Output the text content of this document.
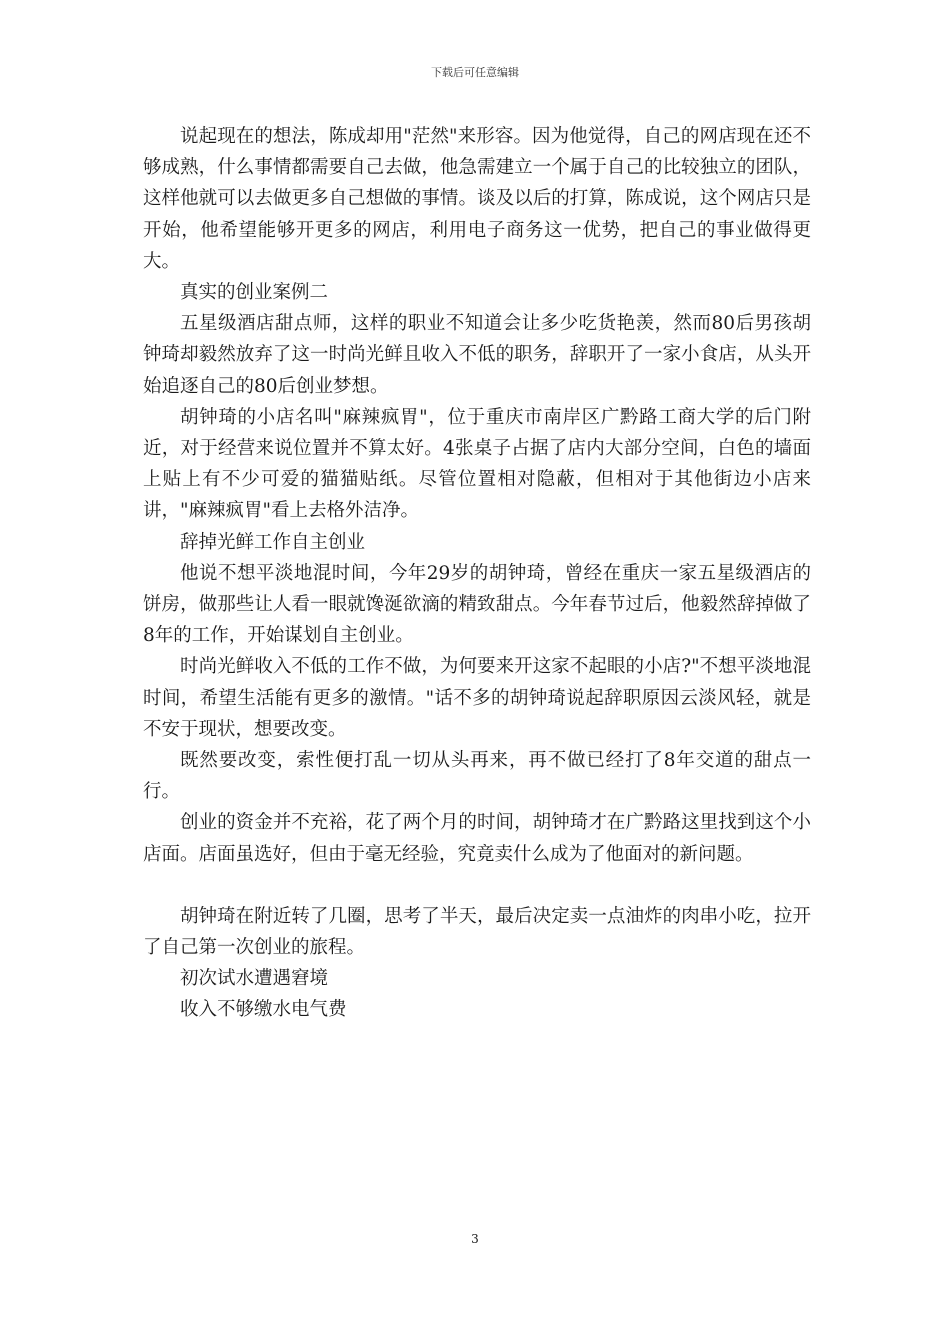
下载后可任意编辑

说起现在的想法，陈成却用"茫然"来形容。因为他觉得，自己的网店现在还不够成熟，什么事情都需要自己去做，他急需建立一个属于自己的比较独立的团队，这样他就可以去做更多自己想做的事情。谈及以后的打算，陈成说，这个网店只是开始，他希望能够开更多的网店，利用电子商务这一优势，把自己的事业做得更大。

真实的创业案例二

五星级酒店甜点师，这样的职业不知道会让多少吃货艳羡，然而80后男孩胡钟琦却毅然放弃了这一时尚光鲜且收入不低的职务，辞职开了一家小食店，从头开始追逐自己的80后创业梦想。

胡钟琦的小店名叫"麻辣疯胃"，位于重庆市南岸区广黔路工商大学的后门附近，对于经营来说位置并不算太好。4张桌子占据了店内大部分空间，白色的墙面上贴上有不少可爱的猫猫贴纸。尽管位置相对隐蔽，但相对于其他街边小店来讲，"麻辣疯胃"看上去格外洁净。

辞掉光鲜工作自主创业

他说不想平淡地混时间，今年29岁的胡钟琦，曾经在重庆一家五星级酒店的饼房，做那些让人看一眼就馋涎欲滴的精致甜点。今年春节过后，他毅然辞掉做了8年的工作，开始谋划自主创业。

时尚光鲜收入不低的工作不做，为何要来开这家不起眼的小店?"不想平淡地混时间，希望生活能有更多的激情。"话不多的胡钟琦说起辞职原因云淡风轻，就是不安于现状，想要改变。

既然要改变，索性便打乱一切从头再来，再不做已经打了8年交道的甜点一行。

创业的资金并不充裕，花了两个月的时间，胡钟琦才在广黔路这里找到这个小店面。店面虽选好，但由于毫无经验，究竟卖什么成为了他面对的新问题。

胡钟琦在附近转了几圈，思考了半天，最后决定卖一点油炸的肉串小吃，拉开了自己第一次创业的旅程。

初次试水遭遇窘境

收入不够缴水电气费

3
